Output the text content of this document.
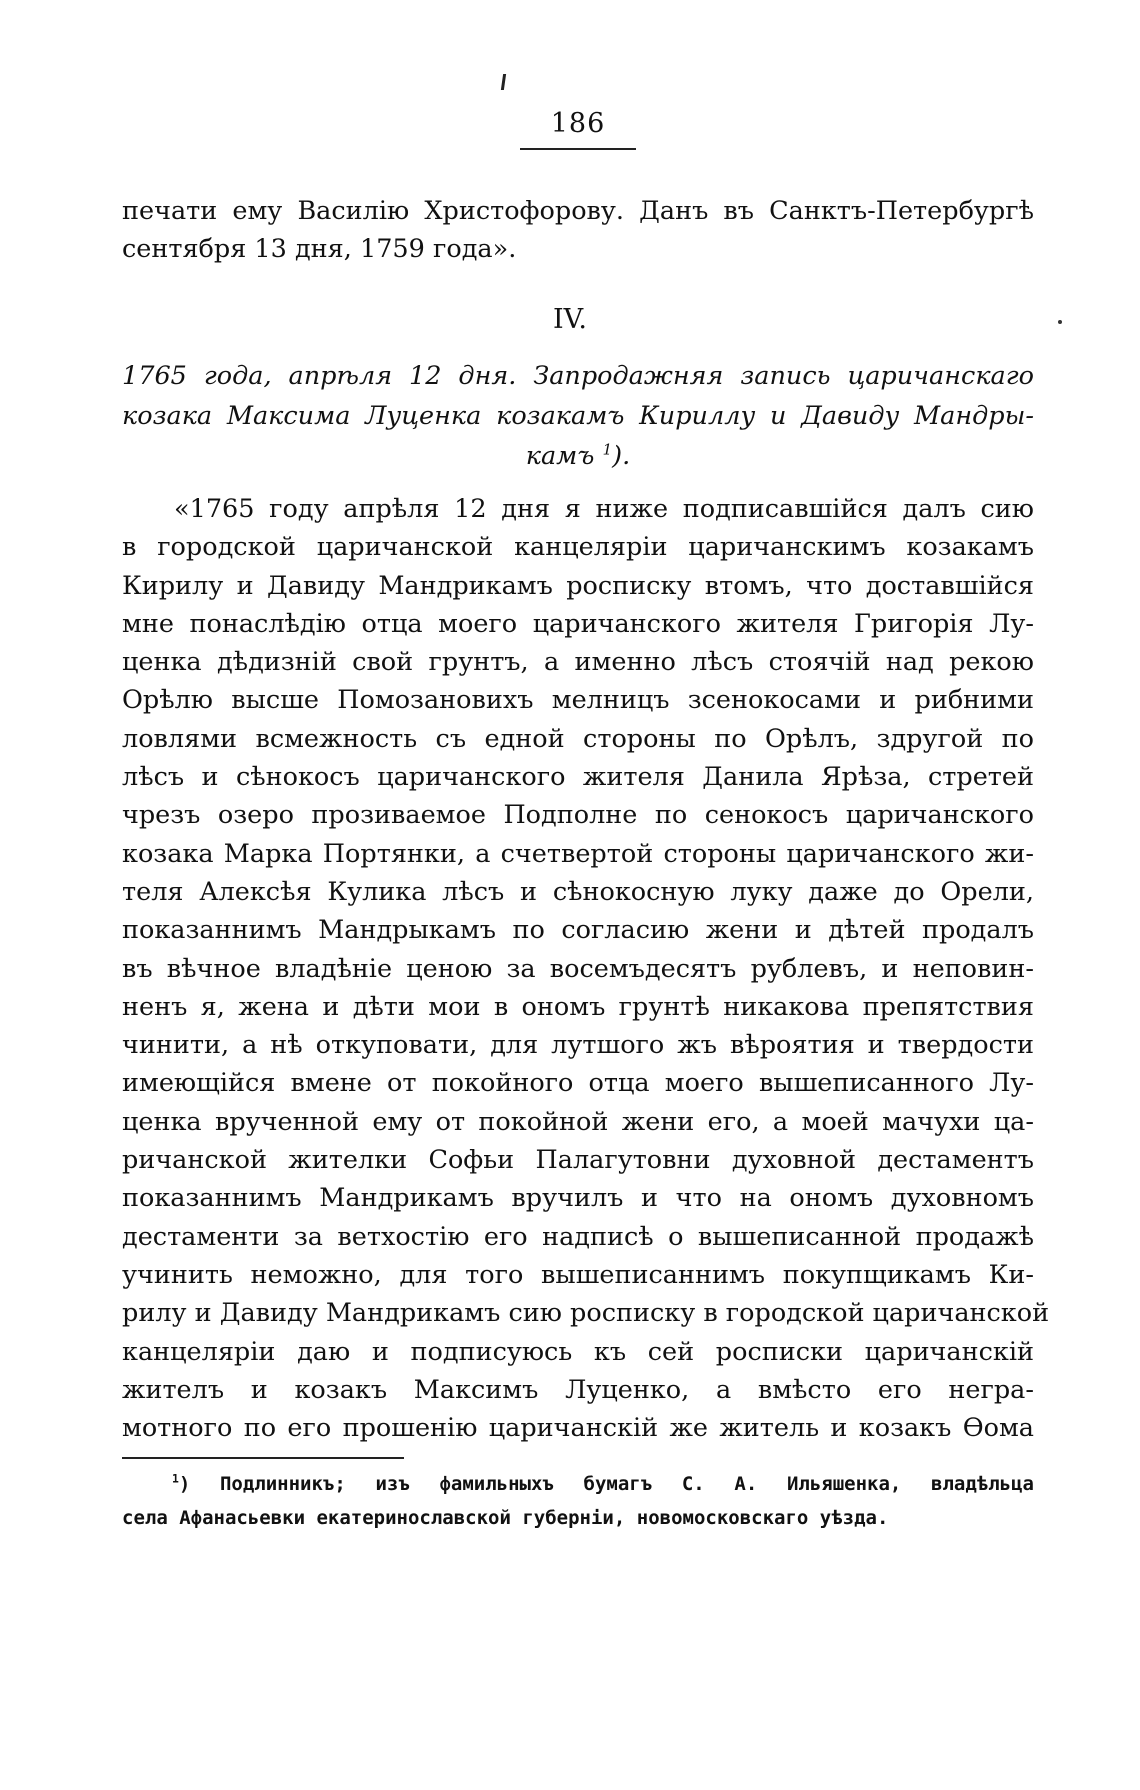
186
печати ему Василію Христофорову. Данъ въ Санктъ-Петербургѣ
сентября 13 дня, 1759 года».
IV.
1765 года, апрѣля 12 дня. Запродажняя запись царичанскаго
козака Максима Луценка козакамъ Кириллу и Давиду Мандры-
камъ $^1$).
«1765 году апрѣля 12 дня я ниже подписавшійся далъ сию
в городской царичанской канцеляріи царичанскимъ козакамъ
Кирилу и Давиду Мандрикамъ росписку втомъ, что доставшійся
мне понаслѣдію отца моего царичанского жителя Григорія Лу-
ценка дѣдизній свой грунтъ, а именно лѣсъ стоячій над рекою
Орѣлю высше Помозановихъ мелницъ зсенокосами и рибними
ловлями всмежность съ едной стороны по Орѣлъ, здругой по
лѣсъ и сѣнокосъ царичанского жителя Данила Ярѣза, стретей
чрезъ озеро прозиваемое Подполне по сенокосъ царичанского
козака Марка Портянки, а счетвертой стороны царичанского жи-
теля Алексѣя Кулика лѣсъ и сѣнокосную луку даже до Орели,
показаннимъ Мандрыкамъ по согласию жени и дѣтей продалъ
въ вѣчное владѣніе ценою за восемъдесятъ рублевъ, и неповин-
ненъ я, жена и дѣти мои в ономъ грунтѣ никакова препятствия
чинити, а нѣ откуповати, для лутшого жъ вѣроятия и твердости
имеющійся вмене от покойного отца моего вышеписанного Лу-
ценка врученной ему от покойной жени его, а моей мачухи ца-
ричанской жителки Софьи Палагутовни духовной дестаментъ
показаннимъ Мандрикамъ вручилъ и что на ономъ духовномъ
дестаменти за ветхостію его надписѣ о вышеписанной продажѣ
учинить неможно, для того вышеписаннимъ покупщикамъ Ки-
рилу и Давиду Мандрикамъ сию росписку в городской царичанской
канцеляріи даю и подписуюсь къ сей росписки царичанскій
жителъ и козакъ Максимъ Луценко, а вмѣсто его негра-
мотного по его прошенію царичанскій же житель и козакъ Ѳома
$^1$) Подлинникъ; изъ фамильныхъ бумагъ С. А. Ильяшенка, владѣльца
села Афанасьевки екатеринославской губерніи, новомосковскаго уѣзда.
